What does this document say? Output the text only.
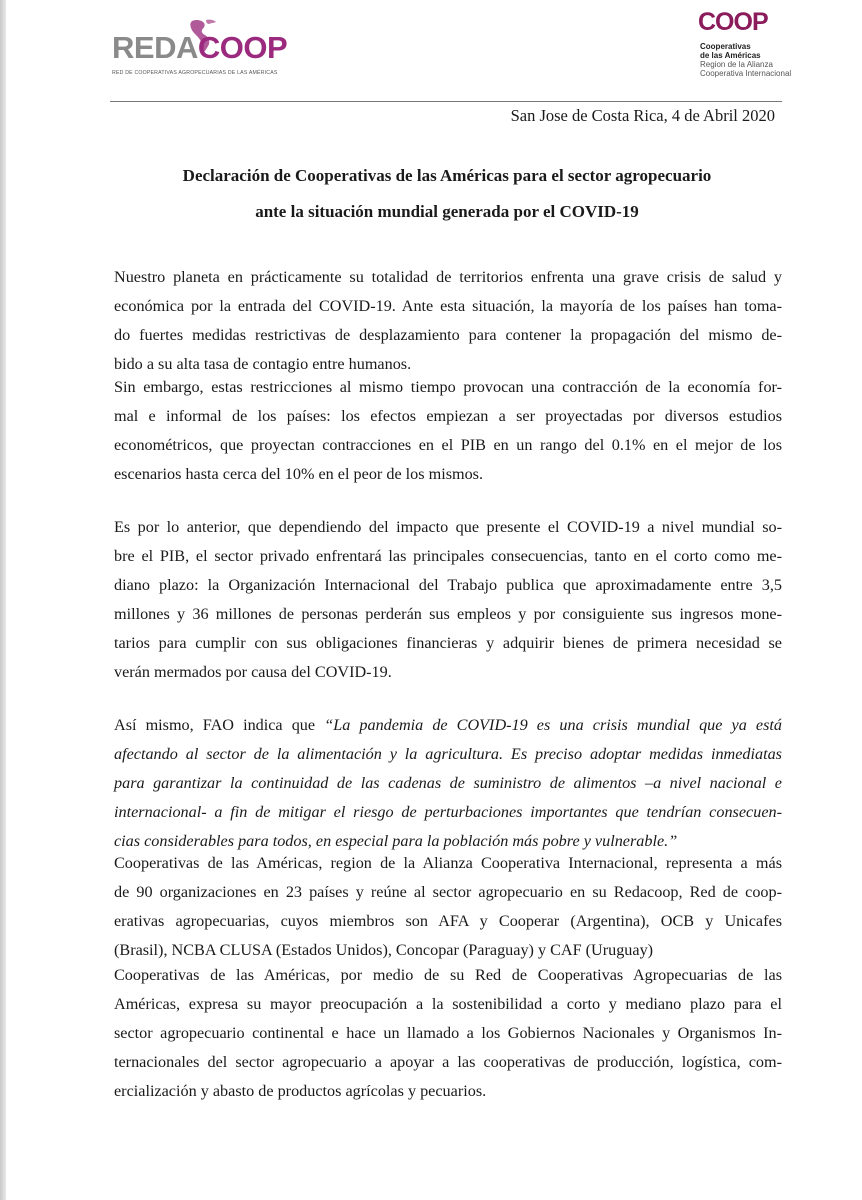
REDACOOP
RED DE COOPERATIVAS AGROPECUARIAS DE LAS AMÉRICAS
COOP
Cooperativas
de las Américas
Region de la Alianza
Cooperativa Internacional
San Jose de Costa Rica, 4 de Abril 2020
Declaración de Cooperativas de las Américas para el sector agropecuario
ante la situación mundial generada por el COVID-19
Nuestro planeta en prácticamente su totalidad de territorios enfrenta una grave crisis de salud y
económica por la entrada del COVID-19. Ante esta situación, la mayoría de los países han toma-
do fuertes medidas restrictivas de desplazamiento para contener la propagación del mismo de-
bido a su alta tasa de contagio entre humanos.
Sin embargo, estas restricciones al mismo tiempo provocan una contracción de la economía for-
mal e informal de los países: los efectos empiezan a ser proyectadas por diversos estudios
econométricos, que proyectan contracciones en el PIB en un rango del 0.1% en el mejor de los
escenarios hasta cerca del 10% en el peor de los mismos.
Es por lo anterior, que dependiendo del impacto que presente el COVID-19 a nivel mundial so-
bre el PIB, el sector privado enfrentará las principales consecuencias, tanto en el corto como me-
diano plazo: la Organización Internacional del Trabajo publica que aproximadamente entre 3,5
millones y 36 millones de personas perderán sus empleos y por consiguiente sus ingresos mone-
tarios para cumplir con sus obligaciones financieras y adquirir bienes de primera necesidad se
verán mermados por causa del COVID-19.
Así mismo, FAO indica que “La pandemia de COVID-19 es una crisis mundial que ya está
afectando al sector de la alimentación y la agricultura. Es preciso adoptar medidas inmediatas
para garantizar la continuidad de las cadenas de suministro de alimentos –a nivel nacional e
internacional- a fin de mitigar el riesgo de perturbaciones importantes que tendrían consecuen-
cias considerables para todos, en especial para la población más pobre y vulnerable.”
Cooperativas de las Américas, region de la Alianza Cooperativa Internacional, representa a más
de 90 organizaciones en 23 países y reúne al sector agropecuario en su Redacoop, Red de coop-
erativas agropecuarias, cuyos miembros son AFA y Cooperar (Argentina), OCB y Unicafes
(Brasil), NCBA CLUSA (Estados Unidos), Concopar (Paraguay) y CAF (Uruguay)
Cooperativas de las Américas, por medio de su Red de Cooperativas Agropecuarias de las
Américas, expresa su mayor preocupación a la sostenibilidad a corto y mediano plazo para el
sector agropecuario continental e hace un llamado a los Gobiernos Nacionales y Organismos In-
ternacionales del sector agropecuario a apoyar a las cooperativas de producción, logística, com-
ercialización y abasto de productos agrícolas y pecuarios.
